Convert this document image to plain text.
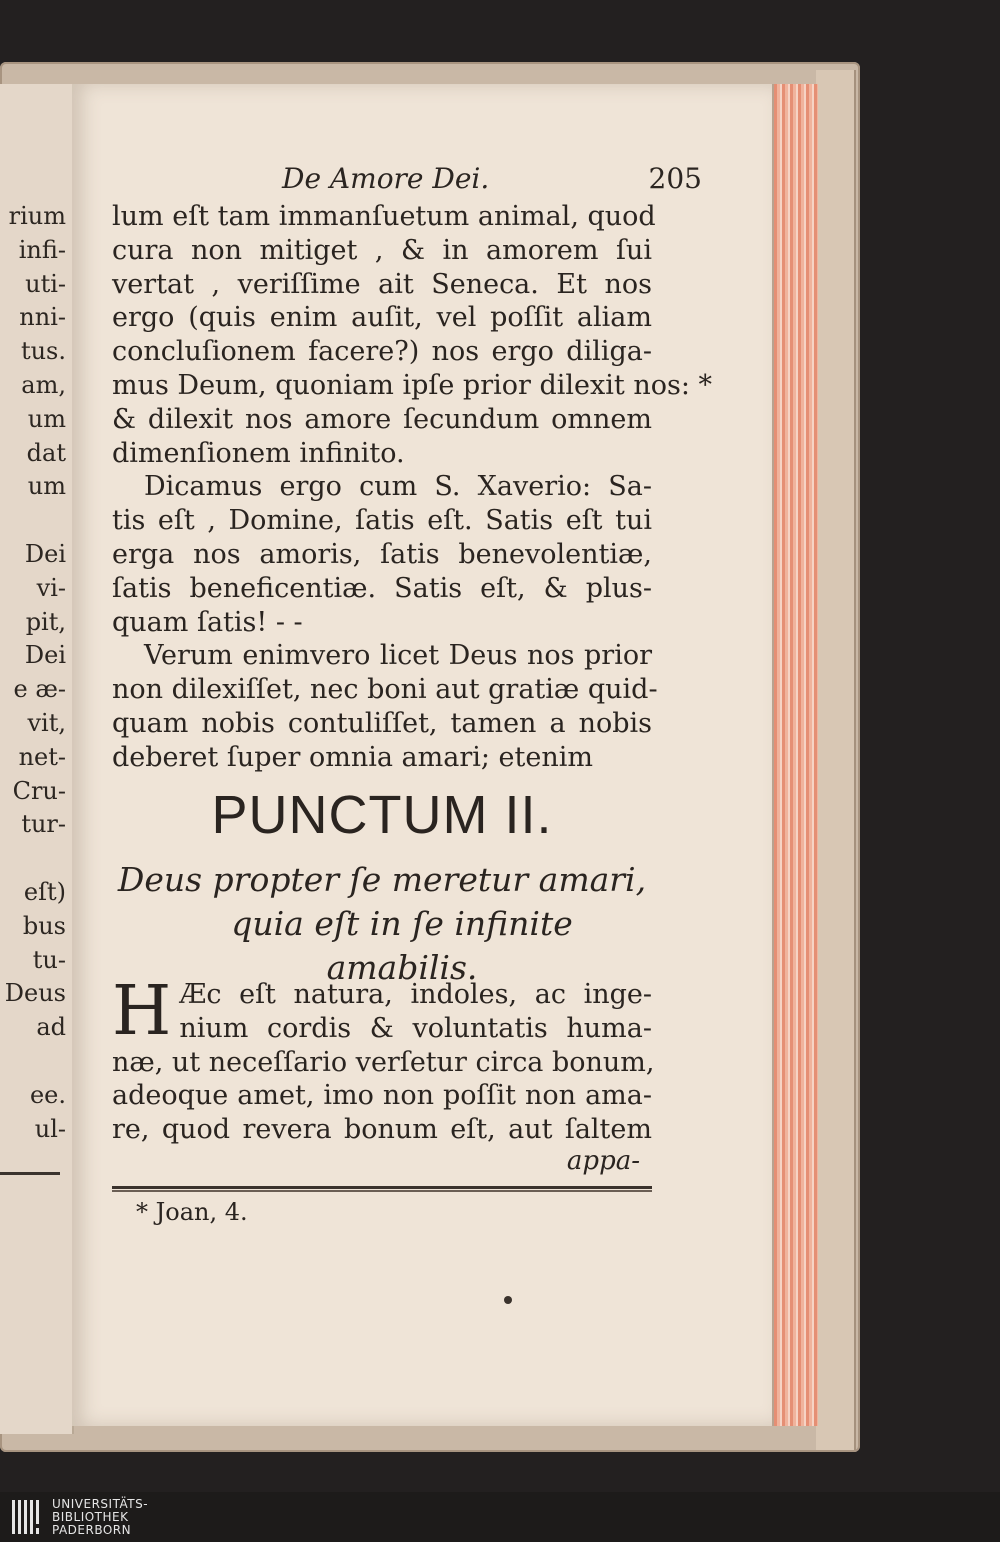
rium
infi-
uti-
nni-
tus.
am,
um
dat
um
Dei
vi-
pit,
Dei
e æ-
vit,
net-
Cru-
tur-
eſt)
bus
tu-
Deus
ad
ee.
ul-
De Amore Dei.	205
lum eſt tam immanſuetum animal, quod
cura non mitiget , & in amorem ſui
vertat , veriſſime ait Seneca. Et nos
ergo (quis enim auſit, vel poſſit aliam
concluſionem facere?) nos ergo diliga-
mus Deum, quoniam ipſe prior dilexit nos: *
& dilexit nos amore ſecundum omnem
dimenſionem infinito.
Dicamus ergo cum S. Xaverio: Sa-
tis eſt , Domine, ſatis eſt. Satis eſt tui
erga nos amoris, ſatis benevolentiæ,
ſatis beneficentiæ. Satis eſt, & plus-
quam ſatis! - -
Verum enimvero licet Deus nos prior
non dilexiſſet, nec boni aut gratiæ quid-
quam nobis contuliſſet, tamen a nobis
deberet ſuper omnia amari; etenim
PUNCTUM II.
Deus propter ſe meretur amari,
quia eſt in ſe infinite amabilis.
H Æc eſt natura, indoles, ac inge-
nium cordis & voluntatis huma-
næ, ut neceſſario verſetur circa bonum,
adeoque amet, imo non poſſit non ama-
re, quod revera bonum eſt, aut ſaltem
appa-
* Joan, 4.
UNIVERSITÄTS-
BIBLIOTHEK
PADERBORN
